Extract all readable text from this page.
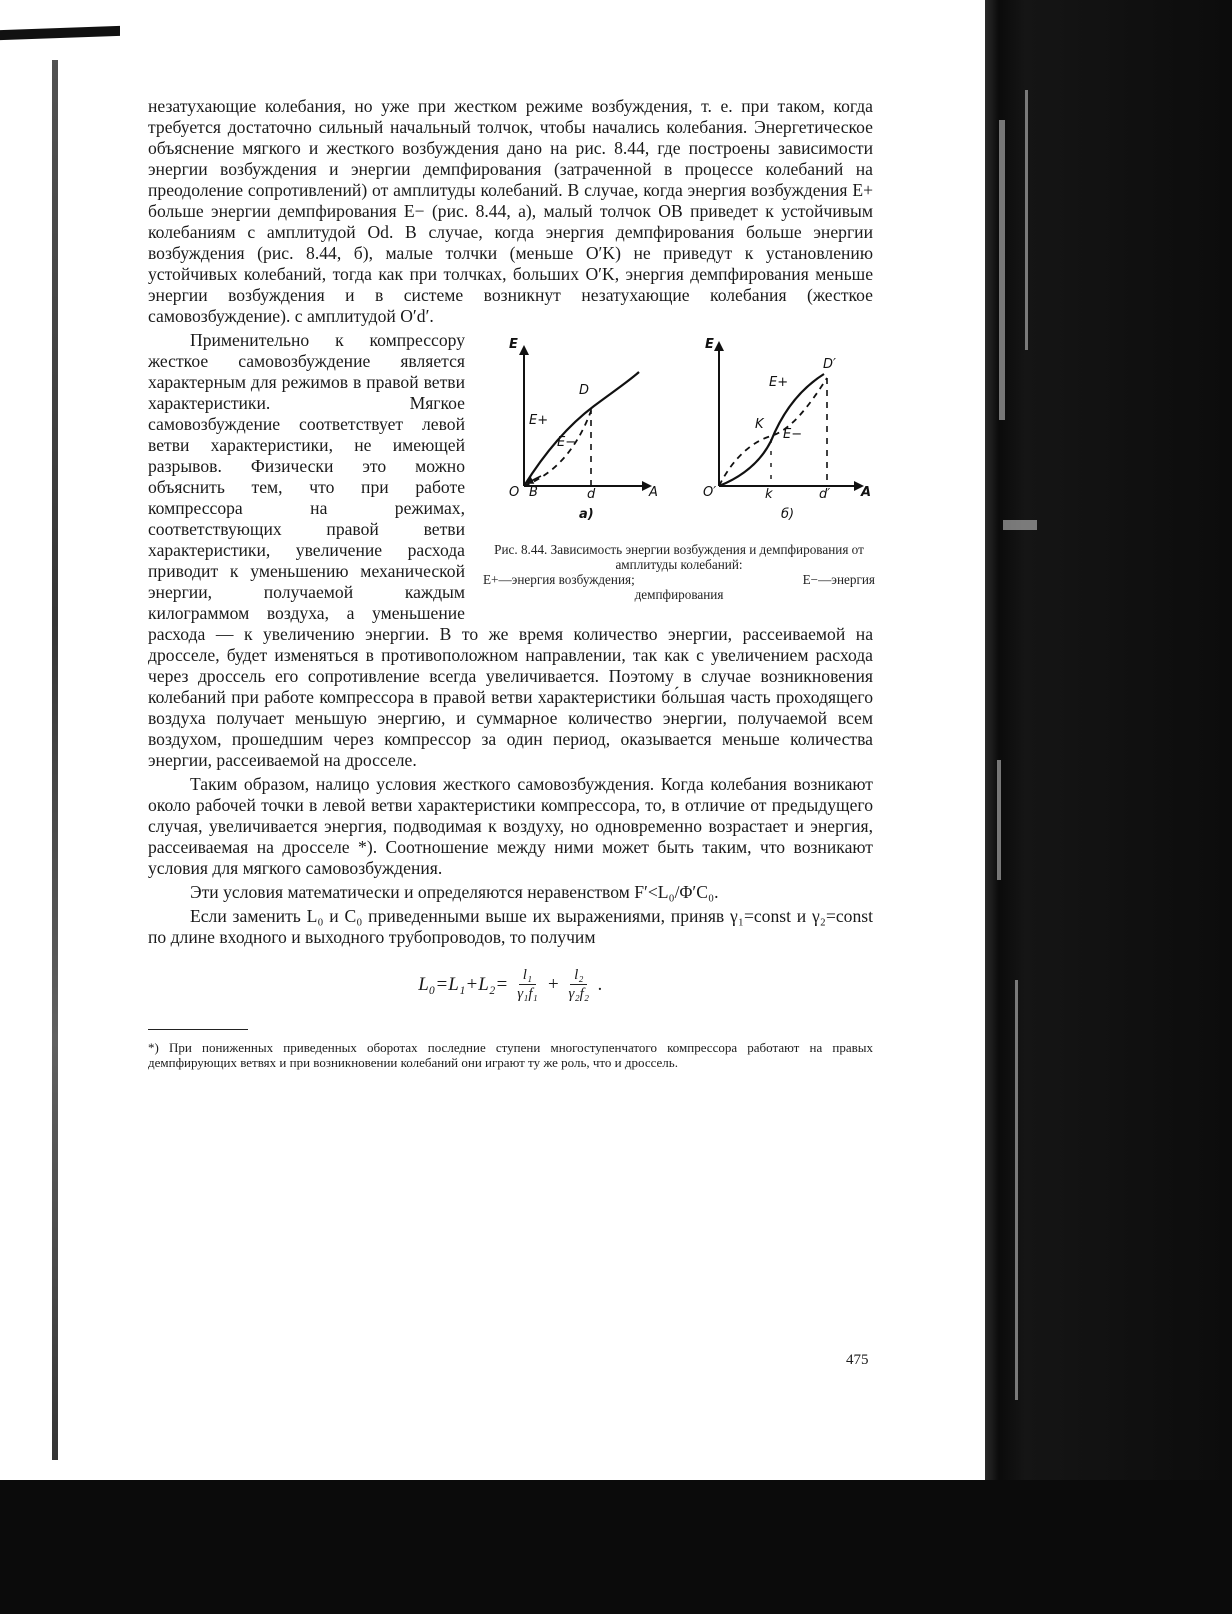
незатухающие колебания, но уже при жестком режиме возбуждения, т. е. при таком, когда требуется достаточно сильный начальный толчок, чтобы начались колебания. Энергетическое объяснение мягкого и жесткого возбуждения дано на рис. 8.44, где построены зависимости энергии возбуждения и энергии демпфирования (затраченной в процессе колебаний на преодоление сопротивлений) от амплитуды колебаний. В случае, когда энергия возбуждения E+ больше энергии демпфирования E− (рис. 8.44, а), малый толчок OB приведет к устойчивым колебаниям с амплитудой Od. В случае, когда энергия демпфирования больше энергии возбуждения (рис. 8.44, б), малые толчки (меньше O′K) не приведут к установлению устойчивых колебаний, тогда как при толчках, больших O′K, энергия демпфирования меньше энергии возбуждения и в системе возникнут незатухающие колебания (жесткое самовозбуждение). с амплитудой O′d′.

E
A
O B
D
d
E+
E−
а)
E
A
O′	k
K
D′
d′
E+
E−
б)
Рис. 8.44. Зависимость энергии возбуждения и демпфирования от амплитуды колебаний:
E+—энергия возбуждения;	E−—энергия
демпфирования

Применительно к компрессору жесткое самовозбуждение является характерным для режимов в правой ветви характеристики. Мягкое самовозбуждение соответствует левой ветви характеристики, не имеющей разрывов. Физически это можно объяснить тем, что при работе компрессора на режимах, соответствующих правой ветви характеристики, увеличение расхода приводит к уменьшению механической энергии, получаемой каждым килограммом воздуха, а уменьшение расхода — к увеличению энергии. В то же время количество энергии, рассеиваемой на дросселе, будет изменяться в противоположном направлении, так как с увеличением расхода через дроссель его сопротивление всегда увеличивается. Поэтому в случае возникновения колебаний при работе компрессора в правой ветви характеристики бо́льшая часть проходящего воздуха получает меньшую энергию, и суммарное количество энергии, получаемой всем воздухом, прошедшим через компрессор за один период, оказывается меньше количества энергии, рассеиваемой на дросселе.

Таким образом, налицо условия жесткого самовозбуждения. Когда колебания возникают около рабочей точки в левой ветви характеристики компрессора, то, в отличие от предыдущего случая, увеличивается энергия, подводимая к воздуху, но одновременно возрастает и энергия, рассеиваемая на дросселе *). Соотношение между ними может быть таким, что возникают условия для мягкого самовозбуждения.

Эти условия математически и определяются неравенством F′<L₀/Φ′C₀.

Если заменить L₀ и C₀ приведенными выше их выражениями, приняв γ₁=const и γ₂=const по длине входного и выходного трубопроводов, то получим

$L_0=L_1+L_2= \frac{\text{l₁}}{\text{γ₁f₁}} + \frac{\text{l₂}}{\text{γ₂f₂}}$ .
*) При пониженных приведенных оборотах последние ступени многоступенчатого компрессора работают на правых демпфирующих ветвях и при возникновении колебаний они играют ту же роль, что и дроссель.
475
